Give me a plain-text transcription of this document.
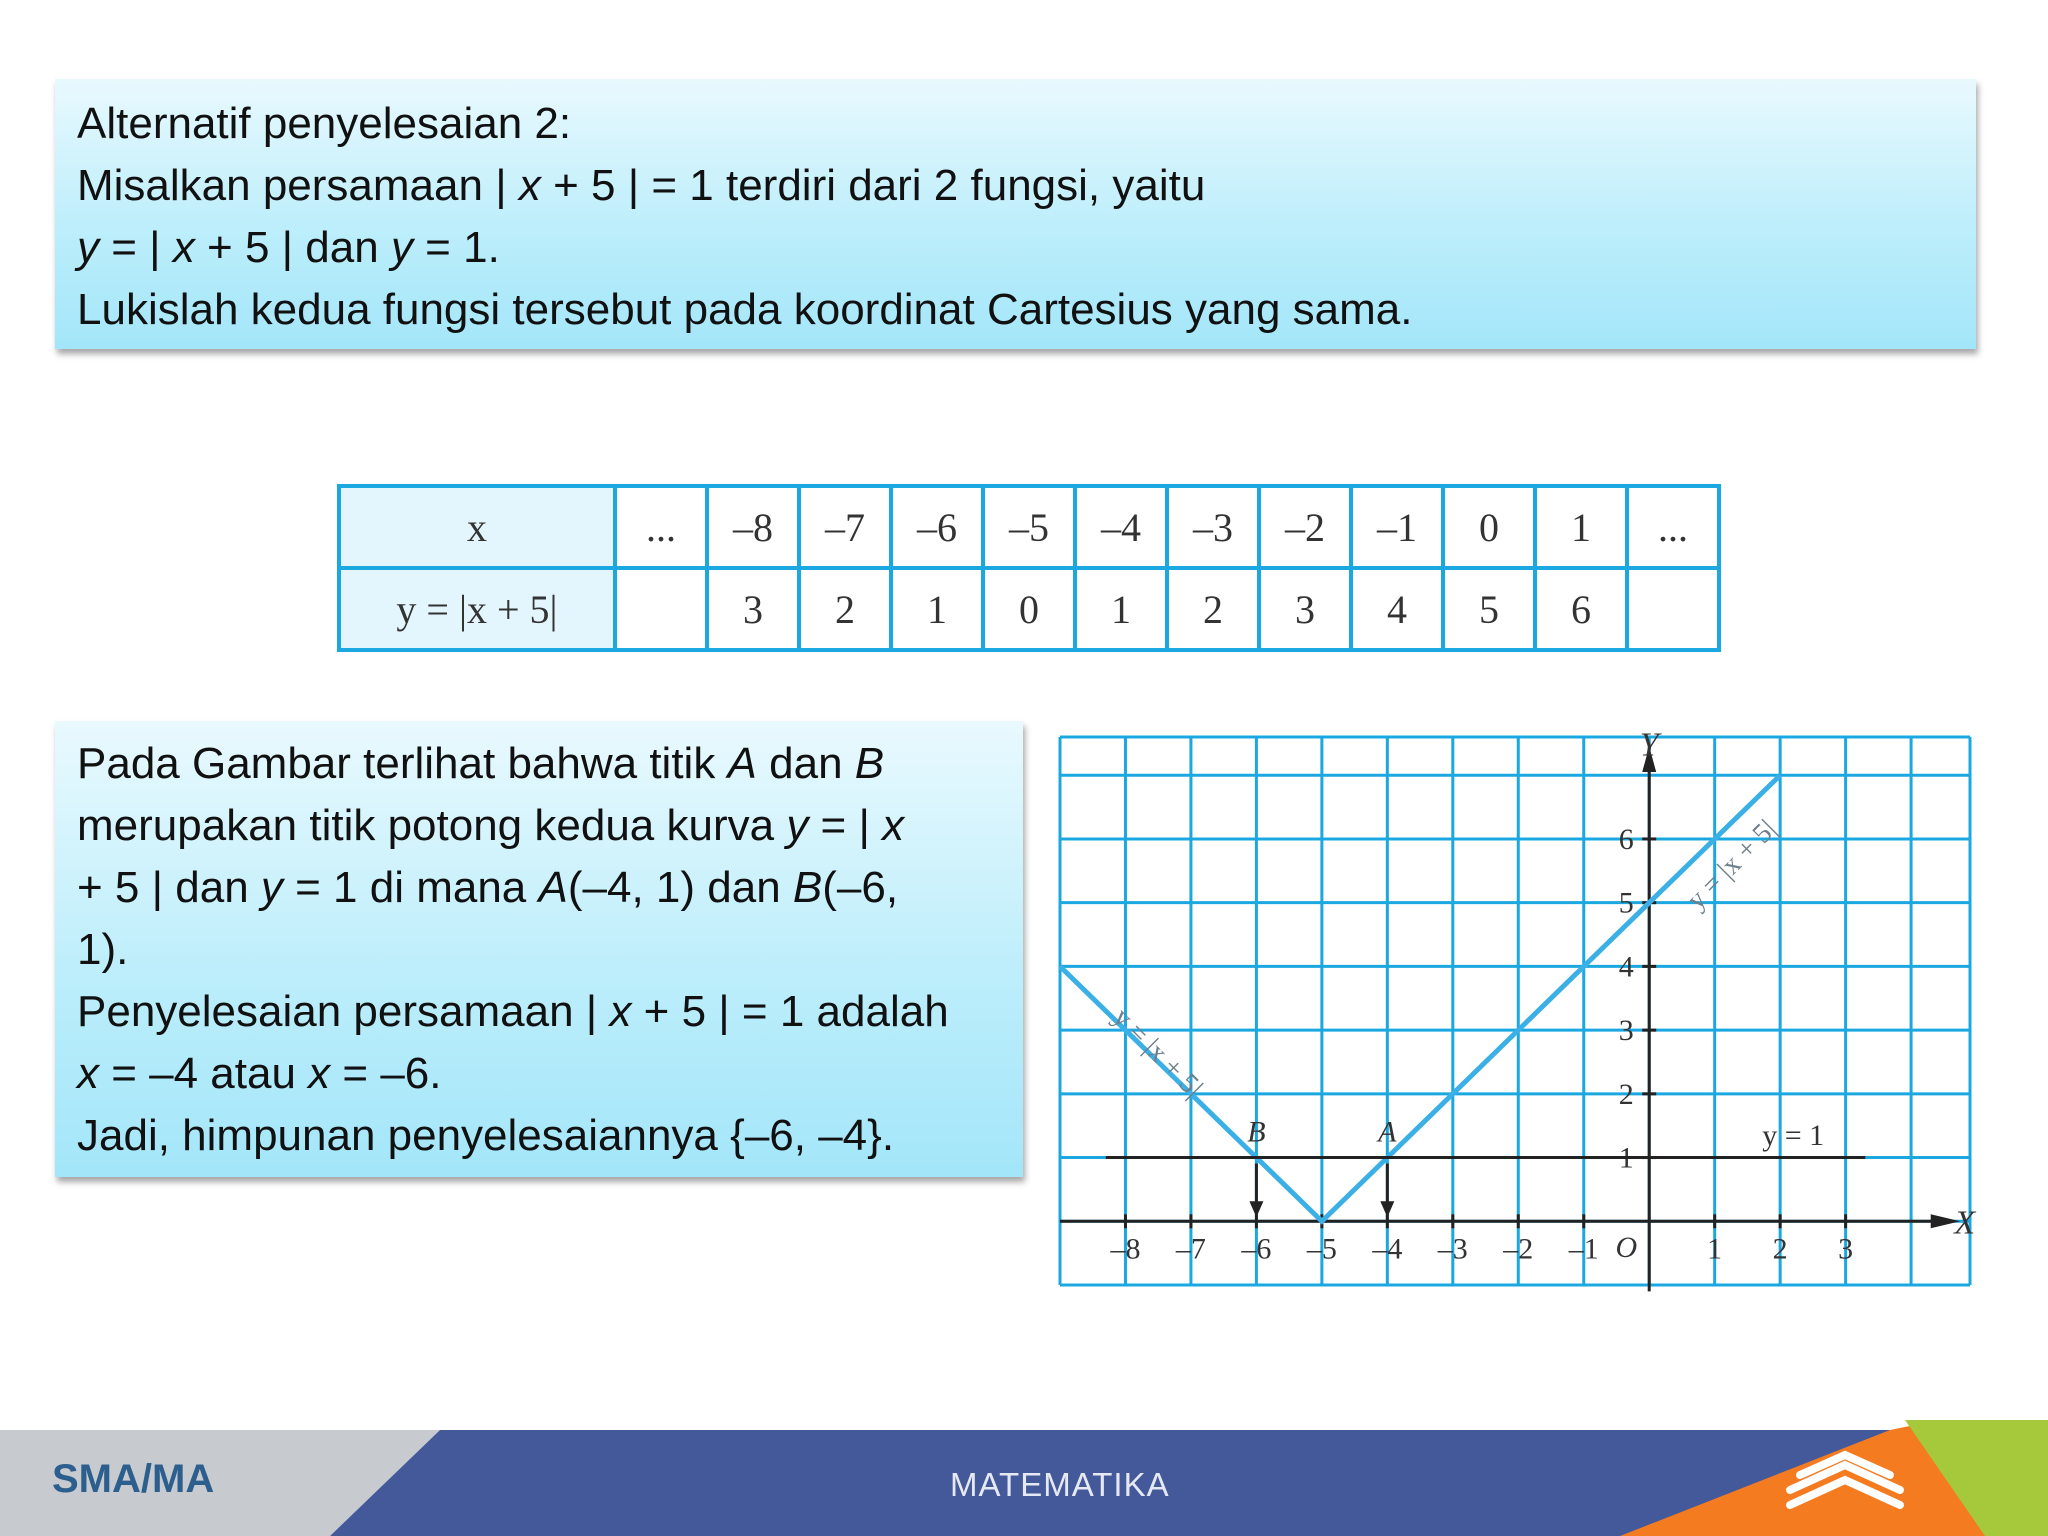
Alternatif penyelesaian 2:
Misalkan persamaan | x + 5 | = 1 terdiri dari 2 fungsi, yaitu
y = | x + 5 | dan y = 1.
Lukislah kedua fungsi tersebut pada koordinat Cartesius yang sama.
x	...	–8	–7	–6	–5	–4	–3	–2	–1	0	1	...
y = |x + 5|		3	2	1	0	1	2	3	4	5	6	
Pada Gambar terlihat bahwa titik A dan B
merupakan titik potong kedua kurva y = | x
+ 5 | dan y = 1 di mana A(–4, 1) dan B(–6,
1).
Penyelesaian persamaan | x + 5 | = 1 adalah
x = –4 atau x = –6.
Jadi, himpunan penyelesaiannya {–6, –4}.
X
Y
O
–8 –7 –6 –5 –4 –3 –2 –1	1 2 3
1
2
3
4
5
6
A
B
y = |x + 5|
y = |x + 5|
y = 1
SMA/MA	MATEMATIKA
